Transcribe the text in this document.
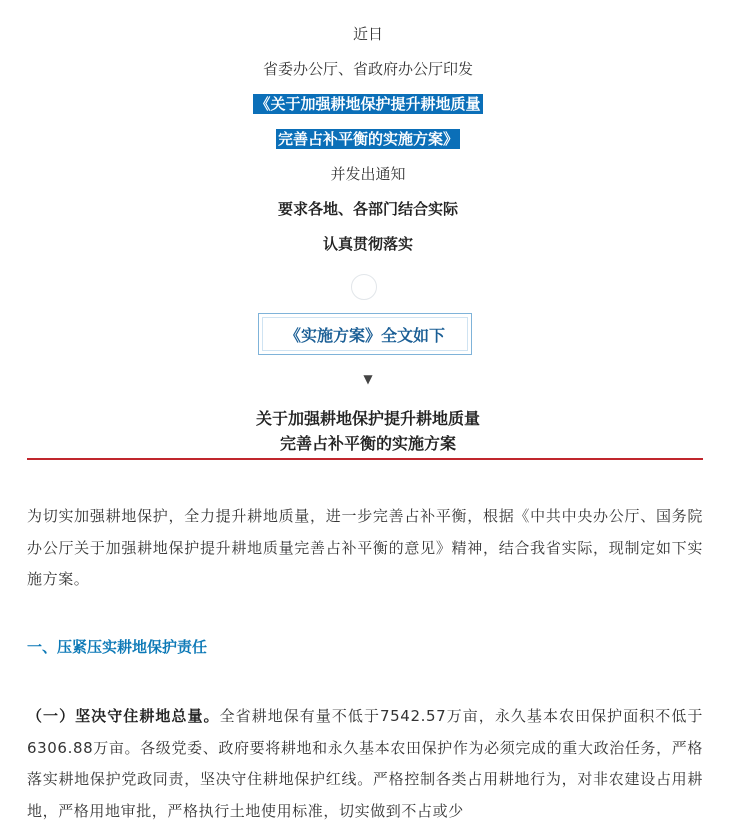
近日
省委办公厅、省政府办公厅印发
《关于加强耕地保护提升耕地质量
完善占补平衡的实施方案》
并发出通知
要求各地、各部门结合实际
认真贯彻落实
《实施方案》全文如下
▼
关于加强耕地保护提升耕地质量
完善占补平衡的实施方案
为切实加强耕地保护，全力提升耕地质量，进一步完善占补平衡，根据《中共中央办公厅、国务院办公厅关于加强耕地保护提升耕地质量完善占补平衡的意见》精神，结合我省实际，现制定如下实施方案。
一、压紧压实耕地保护责任
（一）坚决守住耕地总量。全省耕地保有量不低于7542.57万亩，永久基本农田保护面积不低于6306.88万亩。各级党委、政府要将耕地和永久基本农田保护作为必须完成的重大政治任务，严格落实耕地保护党政同责，坚决守住耕地保护红线。严格控制各类占用耕地行为，对非农建设占用耕地，严格用地审批，严格执行土地使用标准，切实做到不占或少
